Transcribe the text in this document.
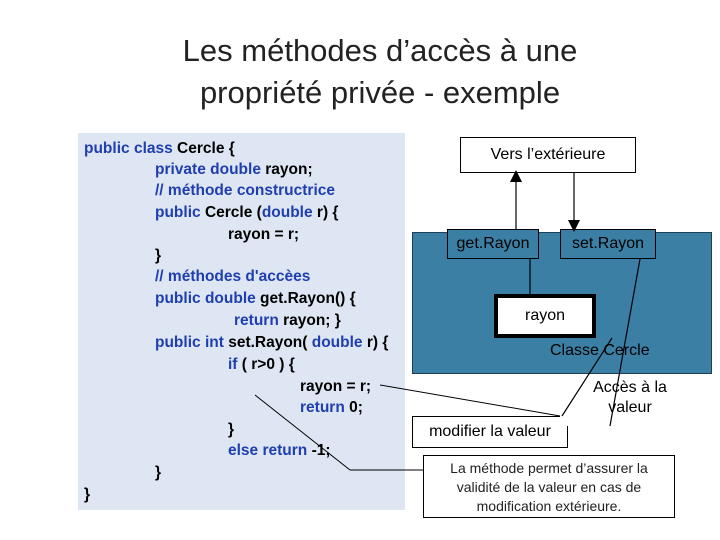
Les méthodes d’accès à une
propriété privée - exemple
public class Cercle {
private double rayon;
// méthode constructrice
public Cercle (double r) {
rayon = r;
}
// méthodes d'accèes
public double get.Rayon() {
return rayon; }
public int set.Rayon( double r) {
if ( r>0 ) {
rayon = r;
return 0;
}
else return -1;
}
}
get.Rayon	set.Rayon
rayon
Classe Cercle
Vers l’extérieure
modifier la valeur
Accès à la
valeur
La méthode permet d’assurer la
validité de la valeur en cas de
modification extérieure.
